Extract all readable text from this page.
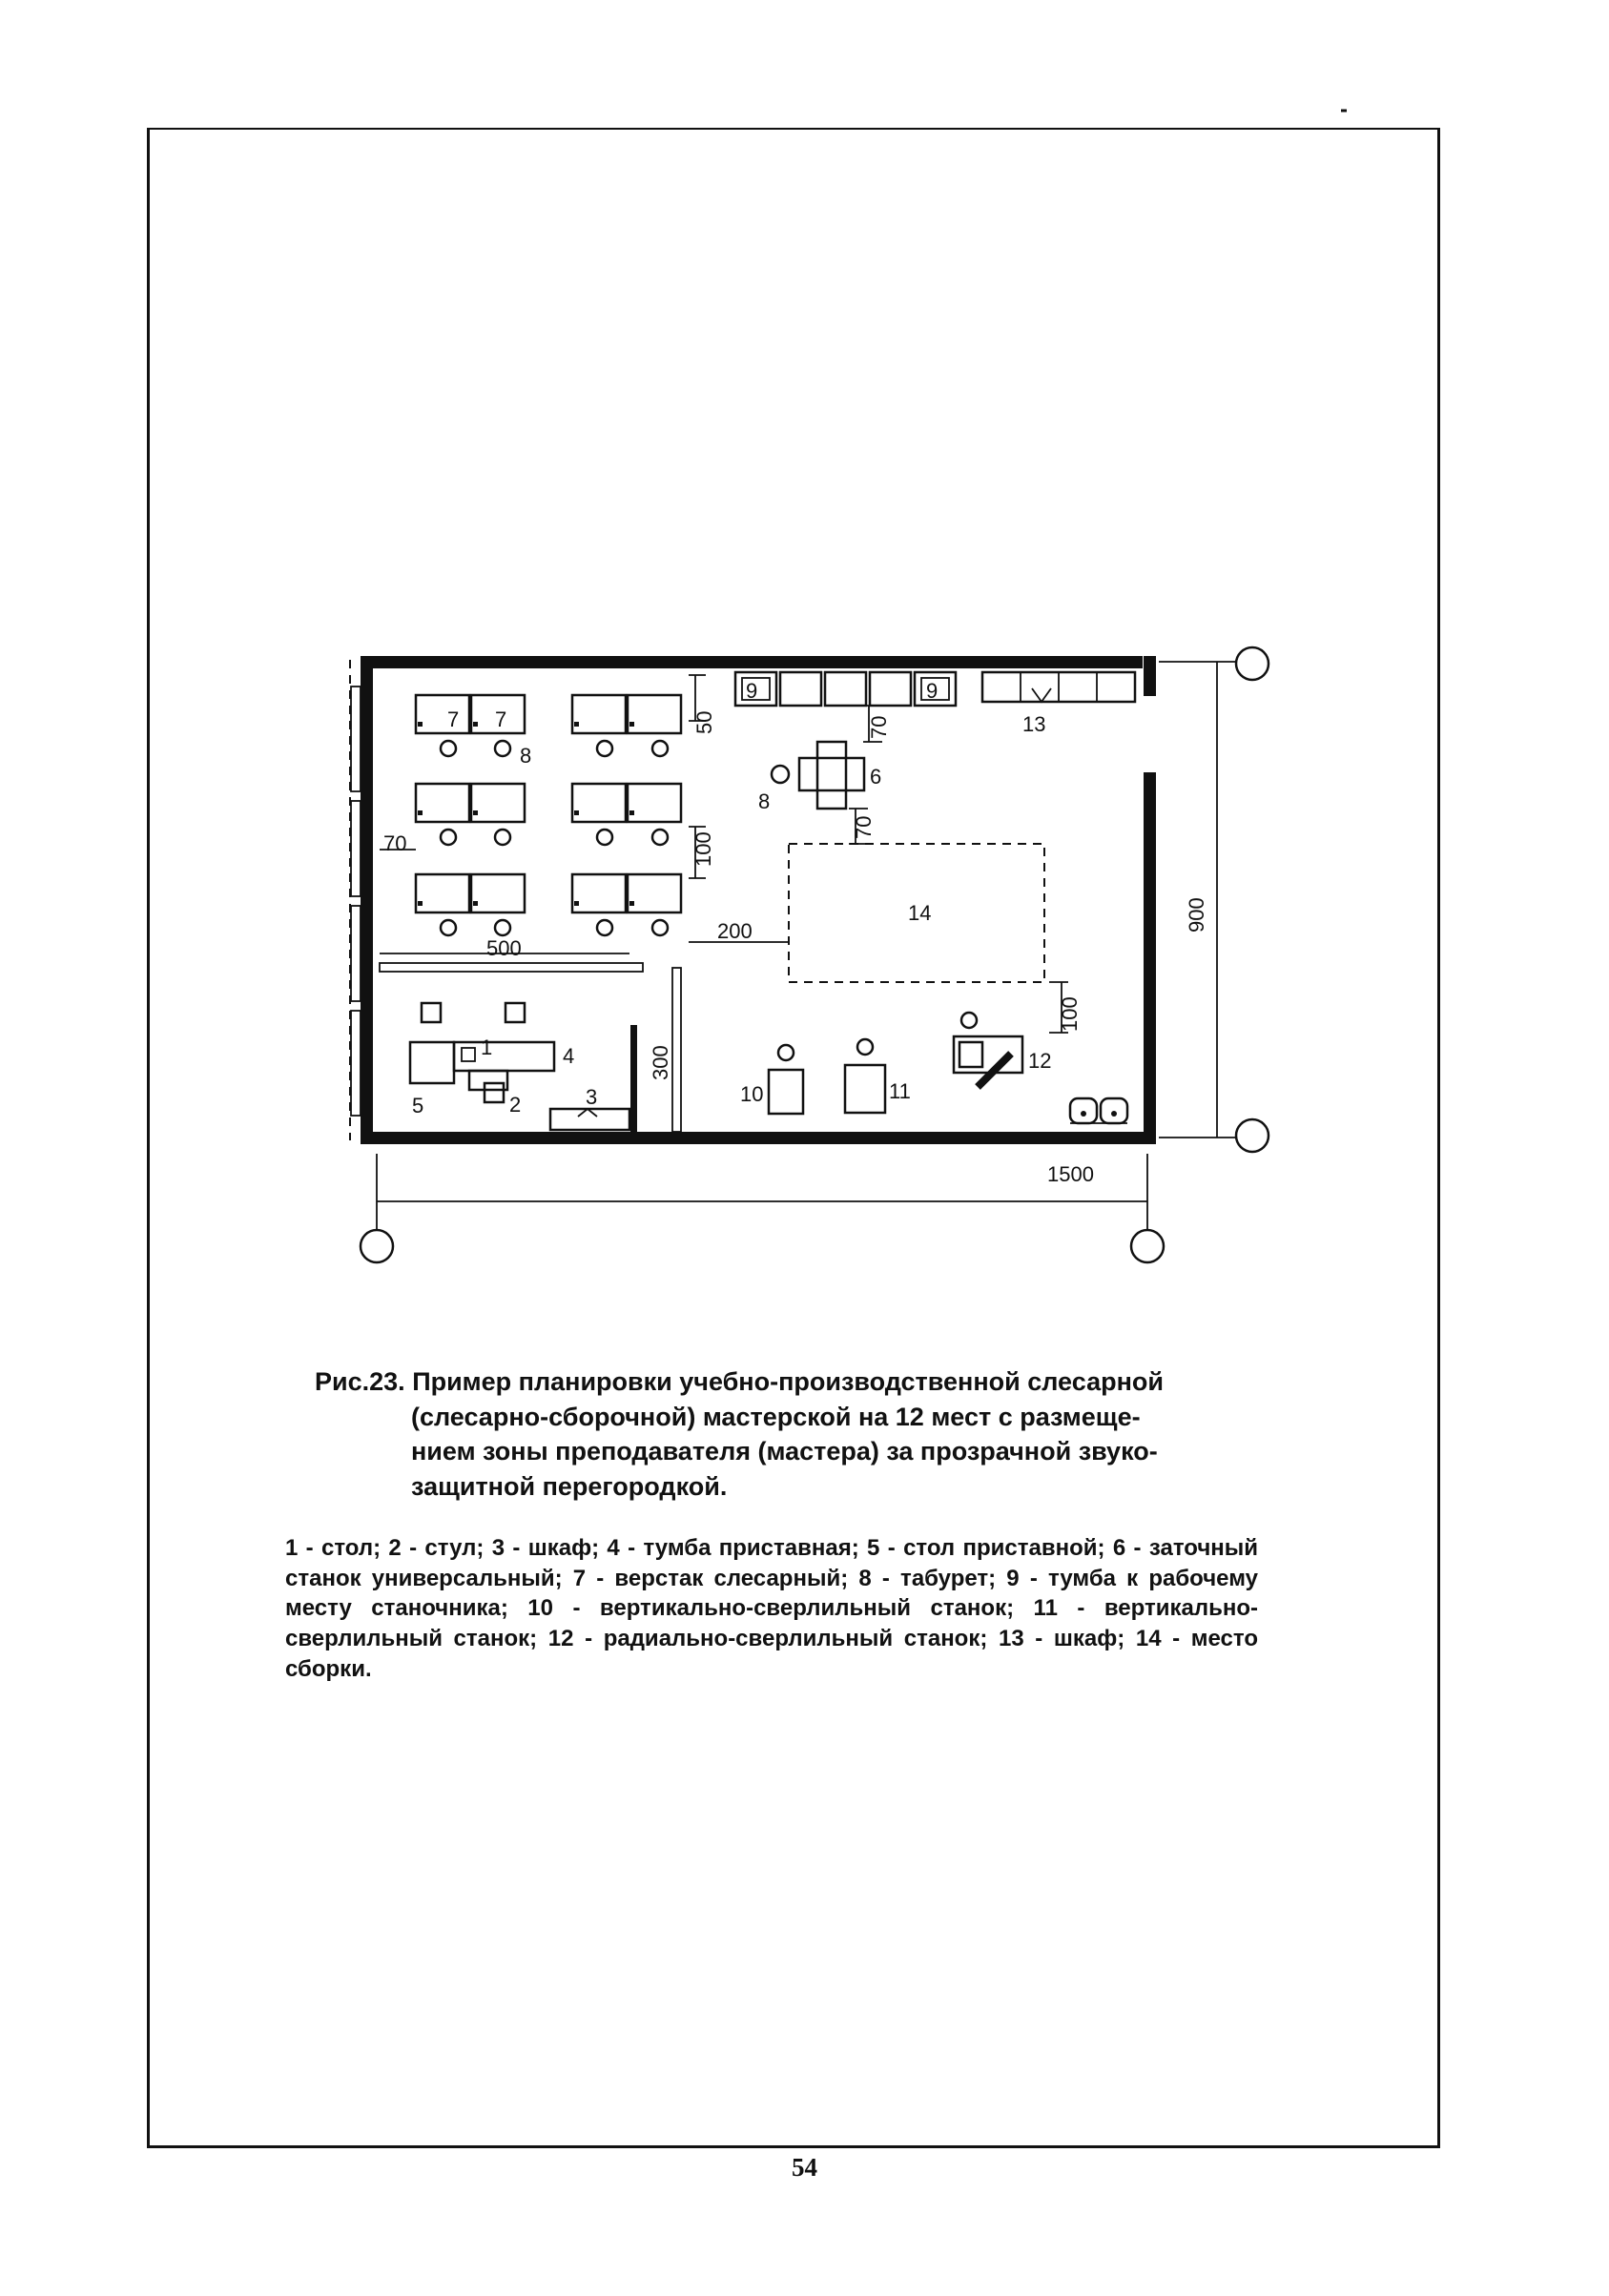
1500
900
500
70
50
100
100
200
70
70
300
1
2	3
4
5
6
7 7
8
8
9	9
10	11
12
13
14
Рис.23. Пример планировки учебно-производственной слесарной
(слесарно-сборочной) мастерской на 12 мест с размеще-
нием зоны преподавателя (мастера) за прозрачной звуко-
защитной перегородкой.
1 - стол; 2 - стул; 3 - шкаф; 4 - тумба приставная; 5 - стол приставной; 6 - заточный станок универсальный; 7 - верстак слесарный; 8 - табурет; 9 - тумба к рабочему месту станочника; 10 - вертикально-сверлильный станок; 11 - вертикально-сверлильный станок; 12 - радиально-сверлильный станок; 13 - шкаф; 14 - место сборки.
54
